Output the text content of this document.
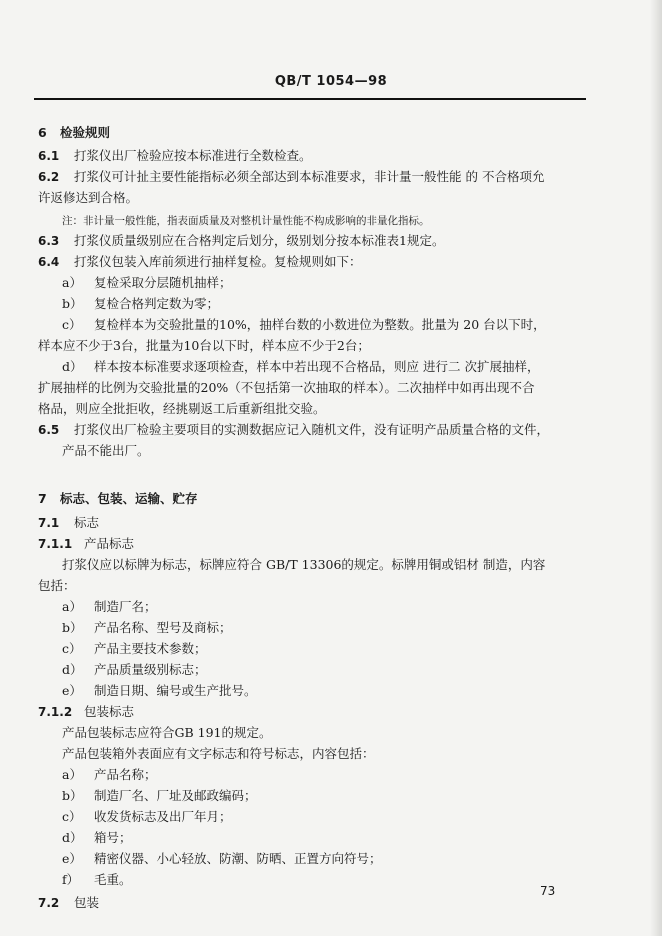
QB/T 1054—98
6 检验规则
6.1 打浆仪出厂检验应按本标准进行全数检查。
6.2 打浆仪可计扯主要性能指标必须全部达到本标准要求，非计量一般性能 的 不合格项允
许返修达到合格。
注：非计量一般性能，指表面质量及对整机计量性能不构成影响的非量化指标。
6.3 打浆仪质量级别应在合格判定后划分，级别划分按本标准表1规定。
6.4 打浆仪包装入库前须进行抽样复检。复检规则如下：
a） 复检采取分层随机抽样；
b） 复检合格判定数为零；
c） 复检样本为交验批量的10%，抽样台数的小数进位为整数。批量为 20 台以下时，
样本应不少于3台，批量为10台以下时，样本应不少于2台；
d） 样本按本标准要求逐项检查，样本中若出现不合格品，则应 进行二 次扩展抽样，
扩展抽样的比例为交验批量的20%（不包括第一次抽取的样本）。二次抽样中如再出现不合
格品，则应全批拒收，经挑剔返工后重新组批交验。
6.5 打浆仪出厂检验主要项目的实测数据应记入随机文件，没有证明产品质量合格的文件，
产品不能出厂。
7 标志、包装、运输、贮存
7.1 标志
7.1.1 产品标志
打浆仪应以标牌为标志，标牌应符合 GB/T 13306的规定。标牌用铜或铝材 制造，内容
包括：
a） 制造厂名；
b） 产品名称、型号及商标；
c） 产品主要技术参数；
d） 产品质量级别标志；
e） 制造日期、编号或生产批号。
7.1.2 包装标志
产品包装标志应符合GB 191的规定。
产品包装箱外表面应有文字标志和符号标志，内容包括：
a） 产品名称；
b） 制造厂名、厂址及邮政编码；
c） 收发货标志及出厂年月；
d） 箱号；
e） 精密仪器、小心轻放、防潮、防晒、正置方向符号；
f） 毛重。
7.2 包装
73
